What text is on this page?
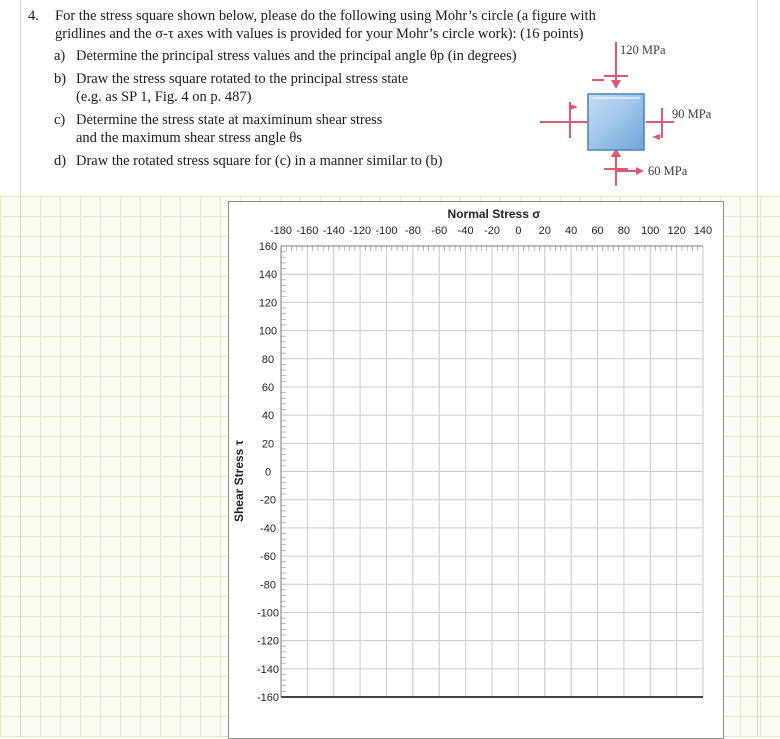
4. For the stress square shown below, please do the following using Mohr’s circle (a figure with
gridlines and the σ-τ axes with values is provided for your Mohr’s circle work): (16 points)
a) Determine the principal stress values and the principal angle θp (in degrees)
b) Draw the stress square rotated to the principal stress state
(e.g. as SP 1, Fig. 4 on p. 487)
c) Determine the stress state at maximinum shear stress
and the maximum shear stress angle θs
d) Draw the rotated stress square for (c) in a manner similar to (b)
120 MPa
90 MPa
60 MPa
-180 -160 -140 -120 -100 -80 -60 -40 -20 0 20 40 60 80 100 120 140
160
140
120
100
80
60
40
20
0
-20
-40
-60
-80
-100
-120
-140
-160
Normal Stress σ
Shear Stress τ
